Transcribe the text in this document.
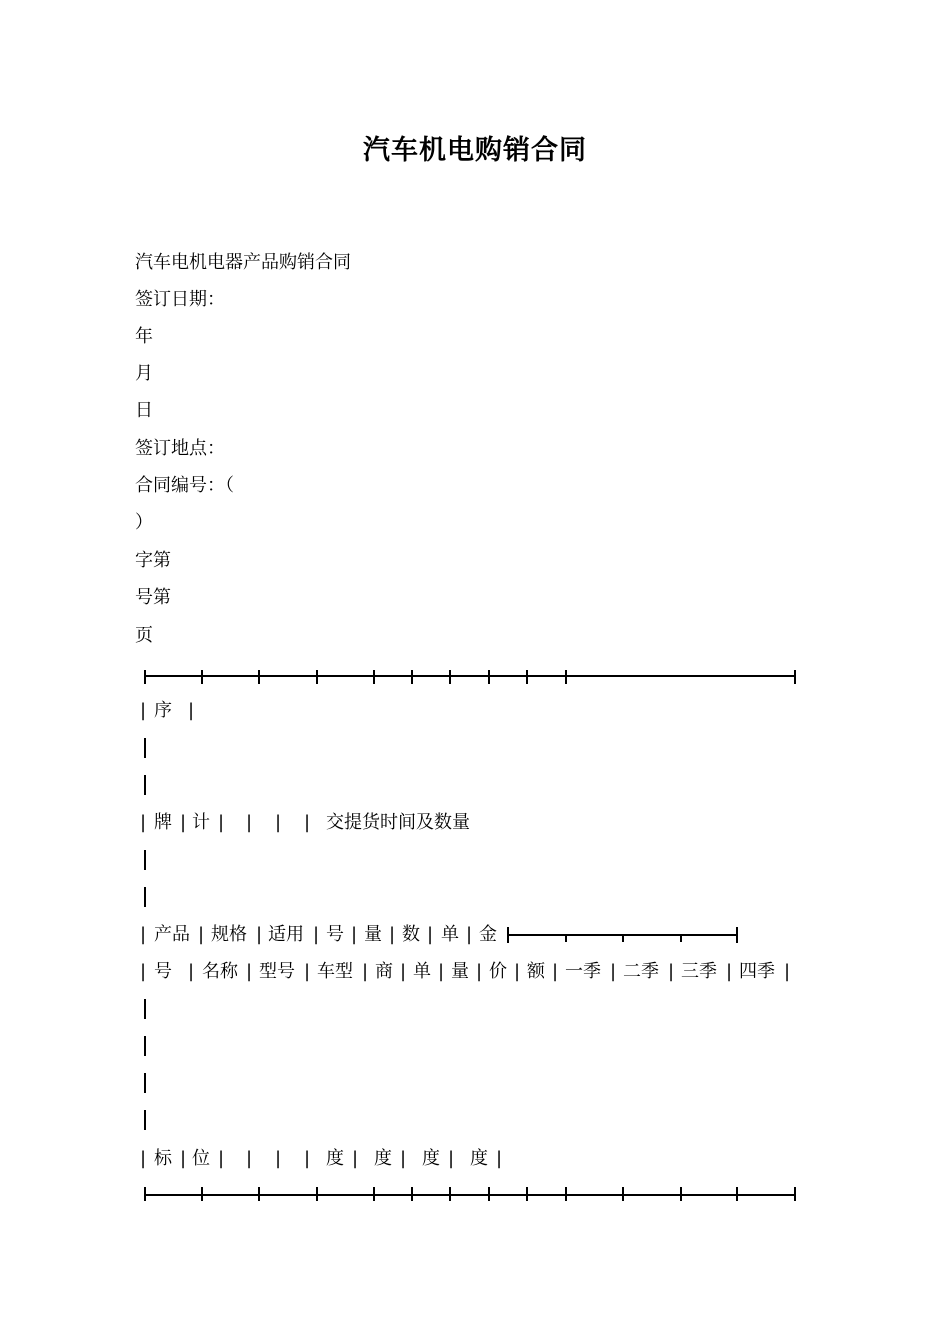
汽车机电购销合同

汽车电机电器产品购销合同

签订日期：

年

月

日

签订地点：

合同编号：（

）

字第

号第

页

| 序 |
| 牌 | 计 | | | | 交提货时间及数量
| 产品 | 规格 | 适用 | 号 | 量 | 数 | 单 | 金
| 号 | 名称 | 型号 | 车型 | 商 | 单 | 量 | 价 | 额 | 一季 | 二季 | 三季 | 四季 |
| 标 | 位 | | | | 度 | 度 | 度 | 度 |
